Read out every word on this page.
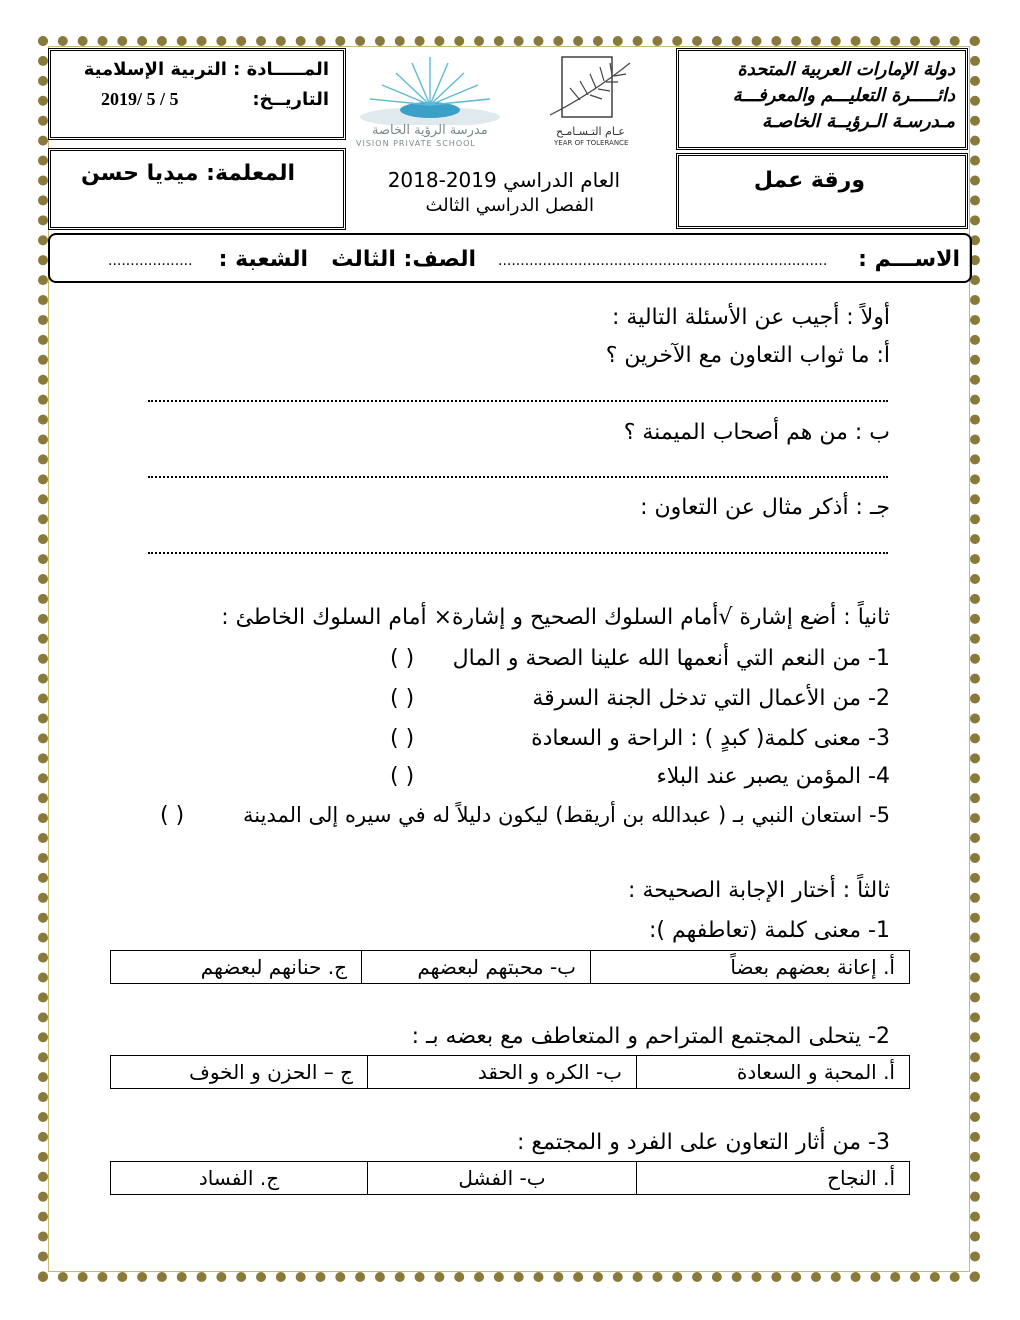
دولة الإمارات العربية المتحدة
دائـــــرة التعليـــم والمعرفـــة
مـدرسـة الـرؤيــة الخاصـة
المـــــادة : التربية الإسلامية
التاريــخ:
5 / 5 /2019
مدرسة الرؤية الخاصة
VISION PRIVATE SCHOOL
عـام التـسـامـح
YEAR OF TOLERANCE
ورقة عمل
العام الدراسي 2019-2018
الفصل الدراسي الثالث
المعلمة: ميديا حسن
الاســـم :
..........................................................................
الصف: الثالث
الشعبة :
...................
أولاً : أجيب عن الأسئلة التالية :
أ: ما ثواب التعاون مع الآخرين ؟
ب : من هم أصحاب الميمنة ؟
جـ : أذكر مثال عن التعاون :
ثانياً : أضع إشارة √أمام السلوك الصحيح و إشارة× أمام السلوك الخاطئ :
1- من النعم التي أنعمها الله علينا الصحة و المال
( )
2- من الأعمال التي تدخل الجنة السرقة
( )
3- معنى كلمة( كبدٍ ) : الراحة و السعادة
( )
4- المؤمن يصبر عند البلاء
( )
5- استعان النبي بـ ( عبدالله بن أريقط) ليكون دليلاً له في سيره إلى المدينة
( )
ثالثاً : أختار الإجابة الصحيحة :
1- معنى كلمة (تعاطفهم ):
أ. إعانة بعضهم بعضاً	ب- محبتهم لبعضهم	ج. حنانهم لبعضهم
2- يتحلى المجتمع المتراحم و المتعاطف مع بعضه بـ :
أ. المحبة و السعادة	ب- الكره و الحقد	ج – الحزن و الخوف
3- من أثار التعاون على الفرد و المجتمع :
أ. النجاح	ب- الفشل	ج. الفساد
